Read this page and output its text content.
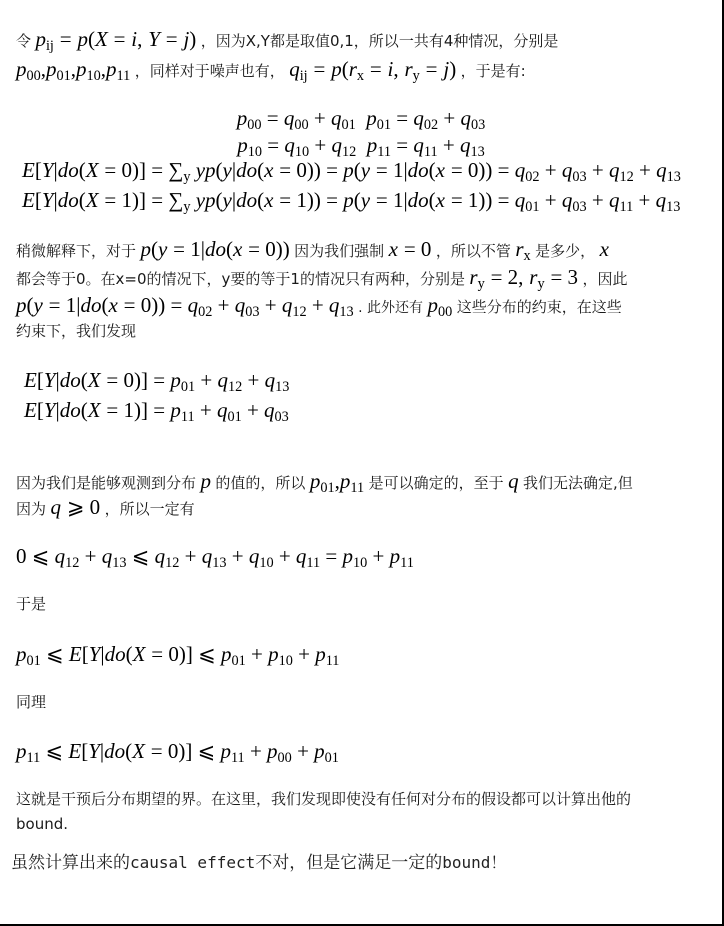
令 $p_{ij} = p(X = i$, Y = j) ，因为X,Y都是取值0,1，所以一共有4种情况，分别是
$p_{00},p_{01},p_{10},p_{11}$ ，同样对于噪声也有， $q_{ij} = p(r_x = i$, $r_y = j$) ，于是有:
$p_{00} = q_{00} + q_{01}$ $p_{01} = q_{02} + q_{03}$
$p_{10} = q_{10} + q_{12}$ $p_{11} = q_{11} + q_{13}$
$E[Y|do(X = 0)] = \sum_y$ $yp(y|do(x = 0)) = p(y = 1|do(x = 0)) = q_{02} + q_{03} + q_{12} + q_{13}$
$E[Y|do(X = 1)] = \sum_y$ $yp(y|do(x = 1)) = p(y = 1|do(x = 1)) = q_{01} + q_{03} + q_{11} + q_{13}$
稍微解释下，对于 p(y = 1|do(x = 0)) 因为我们强制 x = 0 ，所以不管 $r_x$ 是多少， x
都会等于0。在x=0的情况下，y要的等于1的情况只有两种，分别是 $r_y = 2$, $r_y = 3$ ，因此
$p(y = 1|do(x = 0)) = q_{02} + q_{03} + q_{12} + q_{13}$ . 此外还有 $p_{00}$ 这些分布的约束，在这些
约束下，我们发现
$E[Y|do(X = 0)] = p_{01} + q_{12} + q_{13}$
$E[Y|do(X = 1)] = p_{11} + q_{01} + q_{03}$
因为我们是能够观测到分布 p 的值的，所以 $p_{01},p_{11}$ 是可以确定的，至于 q 我们无法确定,但
因为 q ⩾ 0 ，所以一定有
0 ⩽ $q_{12} + q_{13}$ ⩽ $q_{12} + q_{13} + q_{10} + q_{11} = p_{10} + p_{11}$
于是
$p_{01}$ ⩽ E[Y|do(X = 0)] ⩽ $p_{01} + p_{10} + p_{11}$
同理
$p_{11}$ ⩽ E[Y|do(X = 0)] ⩽ $p_{11} + p_{00} + p_{01}$
这就是干预后分布期望的界。在这里，我们发现即使没有任何对分布的假设都可以计算出他的
bound.
虽然计算出来的causal effect不对，但是它满足一定的bound！
